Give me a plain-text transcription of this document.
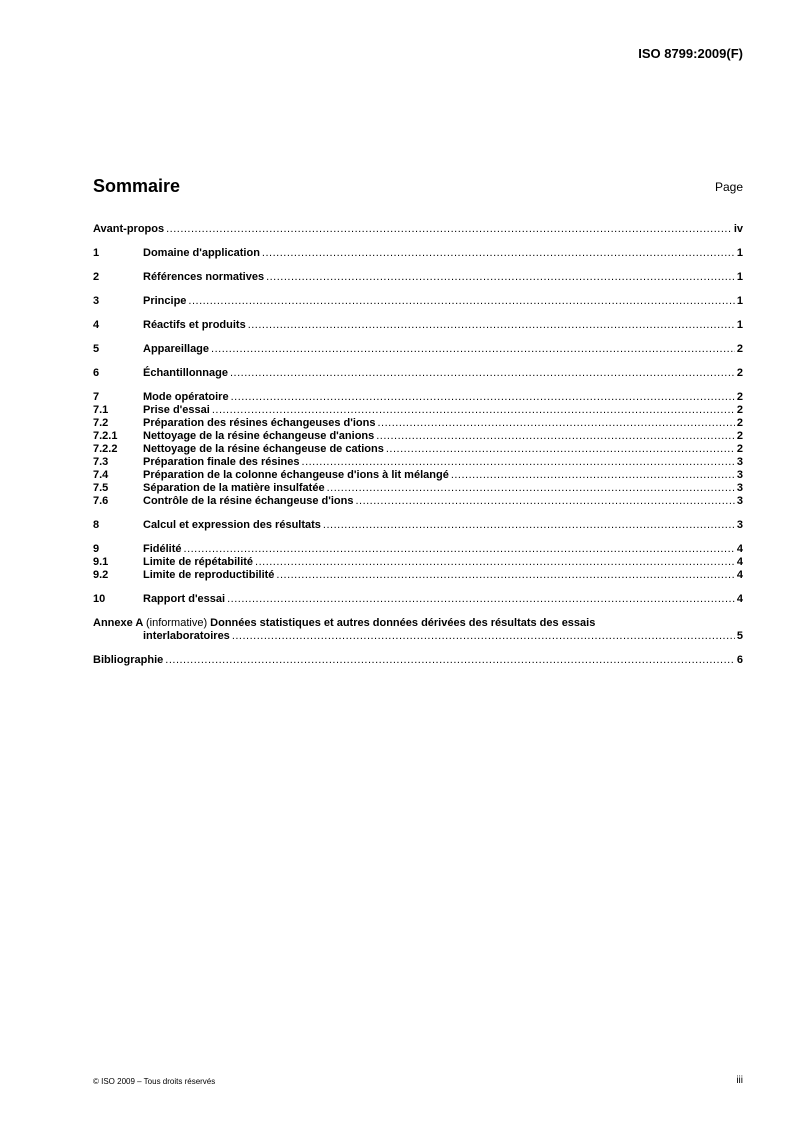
ISO 8799:2009(F)
Sommaire	Page
Avant-propos .....	iv
1	Domaine d'application .....	1
2	Références normatives .....	1
3	Principe .....	1
4	Réactifs et produits .....	1
5	Appareillage .....	2
6	Échantillonnage .....	2
7	Mode opératoire .....	2
7.1	Prise d'essai .....	2
7.2	Préparation des résines échangeuses d'ions .....	2
7.2.1	Nettoyage de la résine échangeuse d'anions .....	2
7.2.2	Nettoyage de la résine échangeuse de cations .....	2
7.3	Préparation finale des résines .....	3
7.4	Préparation de la colonne échangeuse d'ions à lit mélangé .....	3
7.5	Séparation de la matière insulfatée .....	3
7.6	Contrôle de la résine échangeuse d'ions .....	3
8	Calcul et expression des résultats .....	3
9	Fidélité .....	4
9.1	Limite de répétabilité .....	4
9.2	Limite de reproductibilité .....	4
10	Rapport d'essai .....	4
Annexe A (informative) Données statistiques et autres données dérivées des résultats des essais
interlaboratoires .....	5
Bibliographie .....	6
© ISO 2009 – Tous droits réservés	iii
